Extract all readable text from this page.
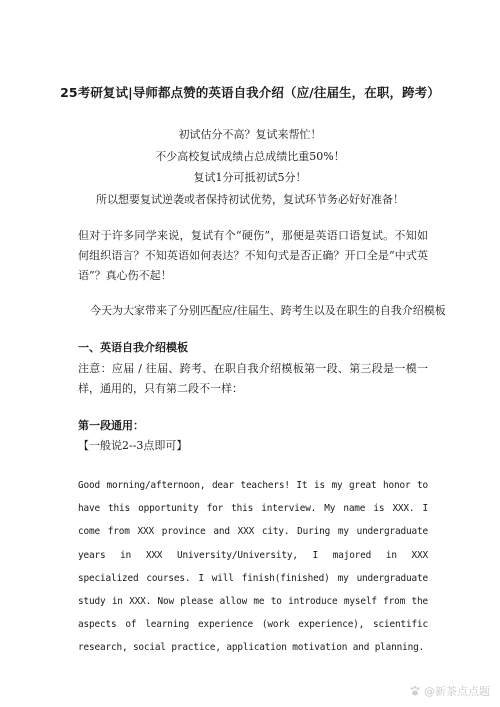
25考研复试|导师都点赞的英语自我介绍（应/往届生，在职，跨考）
初试估分不高？复试来帮忙！
不少高校复试成绩占总成绩比重50%！
复试1分可抵初试5分！
所以想要复试逆袭或者保持初试优势，复试环节务必好好准备！
但对于许多同学来说，复试有个“硬伤”，那便是英语口语复试。不知如何组织语言？不知英语如何表达？不知句式是否正确？开口全是“中式英语”？真心伤不起！
今天为大家带来了分别匹配应/往届生、跨考生以及在职生的自我介绍模板
一、英语自我介绍模板
注意：应届 / 往届、跨考、在职自我介绍模板第一段、第三段是一模一样，通用的，只有第二段不一样：
第一段通用：
【一般说2--3点即可】
Good morning/afternoon, dear teachers! It is my great honor to have this opportunity for this interview. My name is XXX. I come from XXX province and XXX city. During my undergraduate years in XXX University/University, I majored in XXX specialized courses. I will finish(finished) my undergraduate study in XXX. Now please allow me to introduce myself from the aspects of learning experience (work experience), scientific research, social practice, application motivation and planning.
@新茶点点题
